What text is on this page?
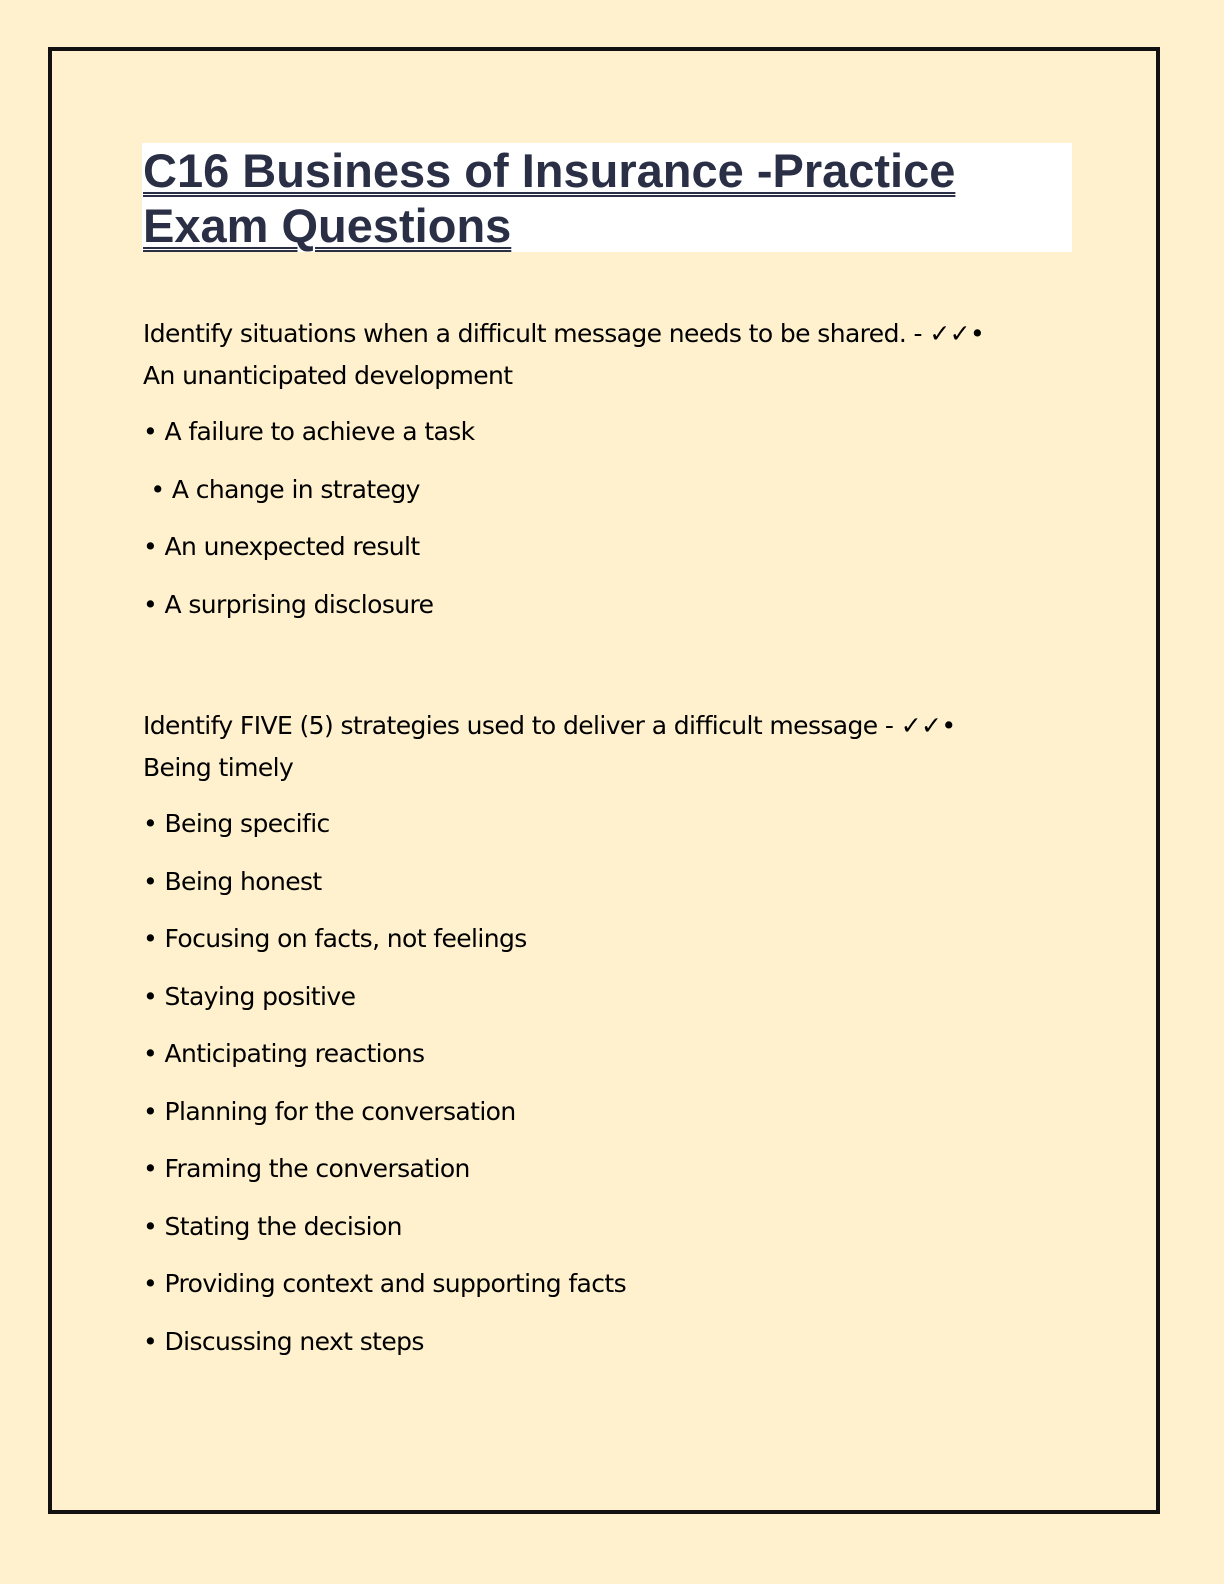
C16 Business of Insurance -Practice Exam Questions

Identify situations when a difficult message needs to be shared. - ✓✓•
An unanticipated development

• A failure to achieve a task
• A change in strategy
• An unexpected result
• A surprising disclosure

Identify FIVE (5) strategies used to deliver a difficult message - ✓✓•
Being timely

• Being specific
• Being honest
• Focusing on facts, not feelings
• Staying positive
• Anticipating reactions
• Planning for the conversation
• Framing the conversation
• Stating the decision
• Providing context and supporting facts
• Discussing next steps
